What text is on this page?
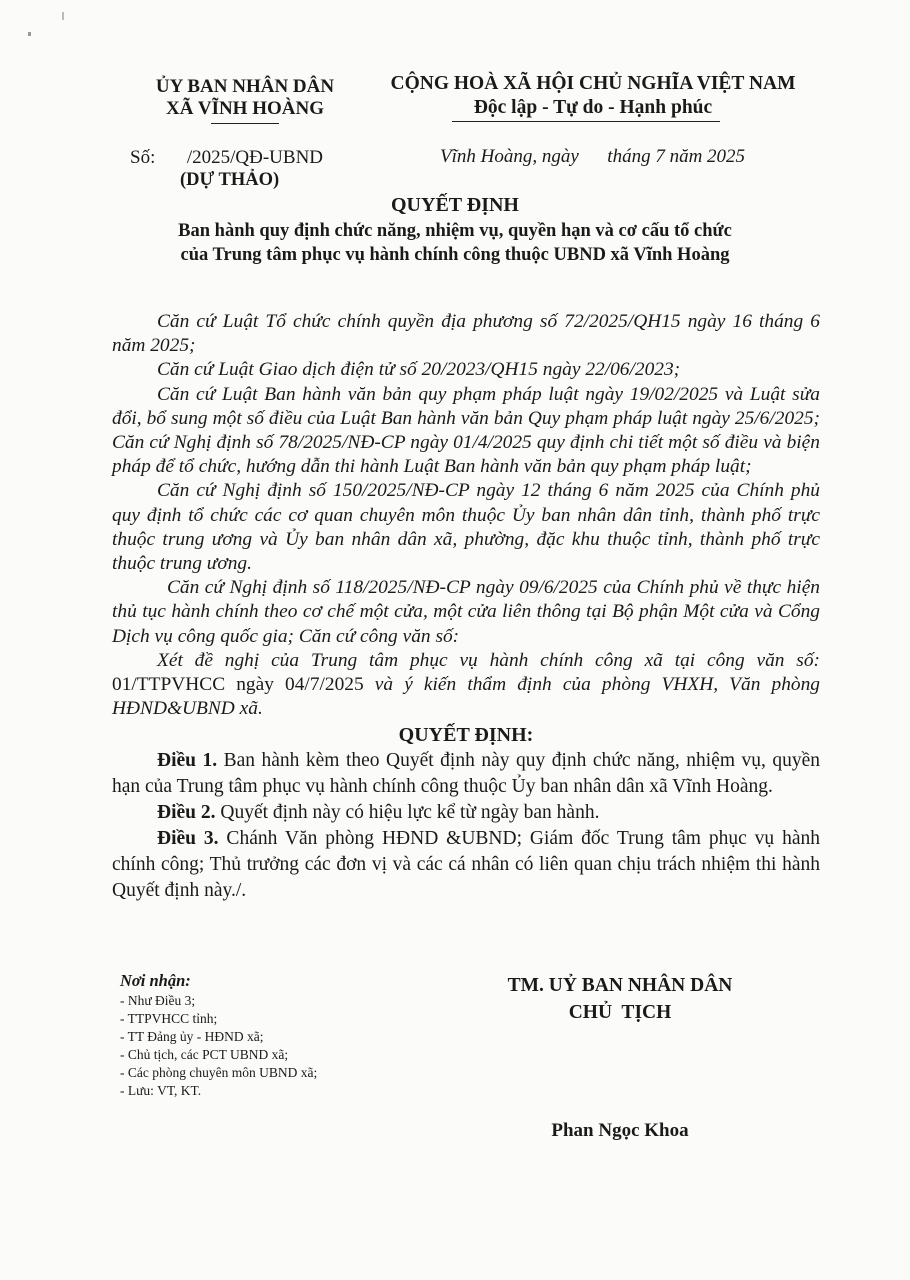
ỦY BAN NHÂN DÂN
XÃ VĨNH HOÀNG
CỘNG HOÀ XÃ HỘI CHỦ NGHĨA VIỆT NAM
Độc lập - Tự do - Hạnh phúc
Số: /2025/QĐ-UBND
(DỰ THẢO)
Vĩnh Hoàng, ngày      tháng 7 năm 2025
QUYẾT ĐỊNH
Ban hành quy định chức năng, nhiệm vụ, quyền hạn và cơ cấu tổ chức
của Trung tâm phục vụ hành chính công thuộc UBND xã Vĩnh Hoàng

Căn cứ Luật Tổ chức chính quyền địa phương số 72/2025/QH15 ngày 16 tháng 6 năm 2025;

Căn cứ Luật Giao dịch điện tử số 20/2023/QH15 ngày 22/06/2023;

Căn cứ Luật Ban hành văn bản quy phạm pháp luật ngày 19/02/2025 và Luật sửa đổi, bổ sung một số điều của Luật Ban hành văn bản Quy phạm pháp luật ngày 25/6/2025; Căn cứ Nghị định số 78/2025/NĐ-CP ngày 01/4/2025 quy định chi tiết một số điều và biện pháp để tổ chức, hướng dẫn thi hành Luật Ban hành văn bản quy phạm pháp luật;

Căn cứ Nghị định số 150/2025/NĐ-CP ngày 12 tháng 6 năm 2025 của Chính phủ quy định tổ chức các cơ quan chuyên môn thuộc Ủy ban nhân dân tỉnh, thành phố trực thuộc trung ương và Ủy ban nhân dân xã, phường, đặc khu thuộc tỉnh, thành phố trực thuộc trung ương.

Căn cứ Nghị định số 118/2025/NĐ-CP ngày 09/6/2025 của Chính phủ về thực hiện thủ tục hành chính theo cơ chế một cửa, một cửa liên thông tại Bộ phận Một cửa và Cổng Dịch vụ công quốc gia; Căn cứ công văn số:

Xét đề nghị của Trung tâm phục vụ hành chính công xã tại công văn số: 01/TTPVHCC ngày 04/7/2025 và ý kiến thẩm định của phòng VHXH, Văn phòng HĐND&UBND xã.

QUYẾT ĐỊNH:

Điều 1. Ban hành kèm theo Quyết định này quy định chức năng, nhiệm vụ, quyền hạn của Trung tâm phục vụ hành chính công thuộc Ủy ban nhân dân xã Vĩnh Hoàng.

Điều 2. Quyết định này có hiệu lực kể từ ngày ban hành.

Điều 3. Chánh Văn phòng HĐND &UBND; Giám đốc Trung tâm phục vụ hành chính công; Thủ trưởng các đơn vị và các cá nhân có liên quan chịu trách nhiệm thi hành Quyết định này./.

Nơi nhận:
- Như Điều 3;
- TTPVHCC tỉnh;
- TT Đảng ủy - HĐND xã;
- Chủ tịch, các PCT UBND xã;
- Các phòng chuyên môn UBND xã;
- Lưu: VT, KT.
TM. UỶ BAN NHÂN DÂN
CHỦ  TỊCH
Phan Ngọc Khoa
